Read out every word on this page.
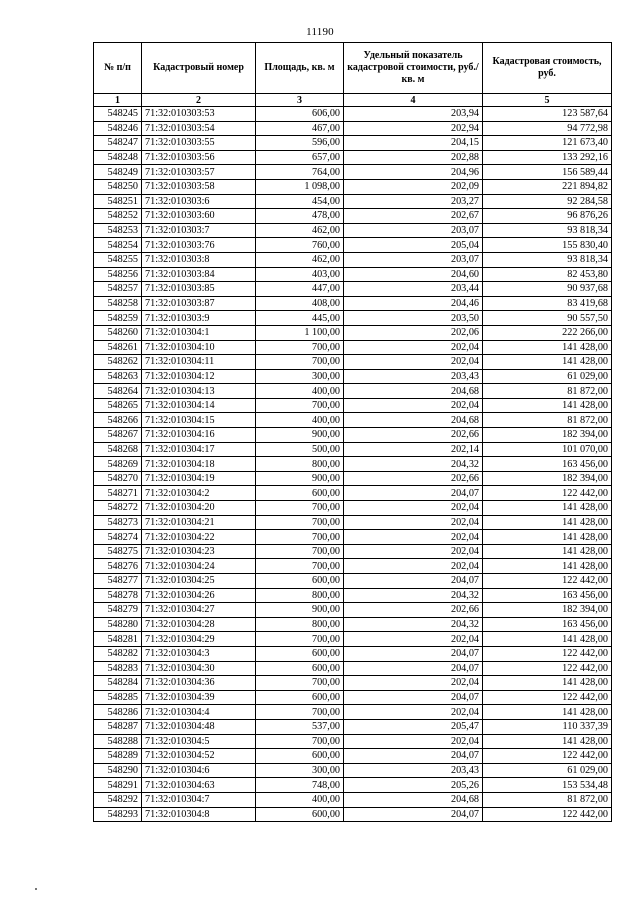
11190
№ п/п	Кадастровый номер	Площадь, кв. м	Удельный показатель кадастровой стоимости, руб./кв. м	Кадастровая стоимость, руб.
1	2	3	4	5
548245	71:32:010303:53	606,00	203,94	123 587,64
548246	71:32:010303:54	467,00	202,94	94 772,98
548247	71:32:010303:55	596,00	204,15	121 673,40
548248	71:32:010303:56	657,00	202,88	133 292,16
548249	71:32:010303:57	764,00	204,96	156 589,44
548250	71:32:010303:58	1 098,00	202,09	221 894,82
548251	71:32:010303:6	454,00	203,27	92 284,58
548252	71:32:010303:60	478,00	202,67	96 876,26
548253	71:32:010303:7	462,00	203,07	93 818,34
548254	71:32:010303:76	760,00	205,04	155 830,40
548255	71:32:010303:8	462,00	203,07	93 818,34
548256	71:32:010303:84	403,00	204,60	82 453,80
548257	71:32:010303:85	447,00	203,44	90 937,68
548258	71:32:010303:87	408,00	204,46	83 419,68
548259	71:32:010303:9	445,00	203,50	90 557,50
548260	71:32:010304:1	1 100,00	202,06	222 266,00
548261	71:32:010304:10	700,00	202,04	141 428,00
548262	71:32:010304:11	700,00	202,04	141 428,00
548263	71:32:010304:12	300,00	203,43	61 029,00
548264	71:32:010304:13	400,00	204,68	81 872,00
548265	71:32:010304:14	700,00	202,04	141 428,00
548266	71:32:010304:15	400,00	204,68	81 872,00
548267	71:32:010304:16	900,00	202,66	182 394,00
548268	71:32:010304:17	500,00	202,14	101 070,00
548269	71:32:010304:18	800,00	204,32	163 456,00
548270	71:32:010304:19	900,00	202,66	182 394,00
548271	71:32:010304:2	600,00	204,07	122 442,00
548272	71:32:010304:20	700,00	202,04	141 428,00
548273	71:32:010304:21	700,00	202,04	141 428,00
548274	71:32:010304:22	700,00	202,04	141 428,00
548275	71:32:010304:23	700,00	202,04	141 428,00
548276	71:32:010304:24	700,00	202,04	141 428,00
548277	71:32:010304:25	600,00	204,07	122 442,00
548278	71:32:010304:26	800,00	204,32	163 456,00
548279	71:32:010304:27	900,00	202,66	182 394,00
548280	71:32:010304:28	800,00	204,32	163 456,00
548281	71:32:010304:29	700,00	202,04	141 428,00
548282	71:32:010304:3	600,00	204,07	122 442,00
548283	71:32:010304:30	600,00	204,07	122 442,00
548284	71:32:010304:36	700,00	202,04	141 428,00
548285	71:32:010304:39	600,00	204,07	122 442,00
548286	71:32:010304:4	700,00	202,04	141 428,00
548287	71:32:010304:48	537,00	205,47	110 337,39
548288	71:32:010304:5	700,00	202,04	141 428,00
548289	71:32:010304:52	600,00	204,07	122 442,00
548290	71:32:010304:6	300,00	203,43	61 029,00
548291	71:32:010304:63	748,00	205,26	153 534,48
548292	71:32:010304:7	400,00	204,68	81 872,00
548293	71:32:010304:8	600,00	204,07	122 442,00
